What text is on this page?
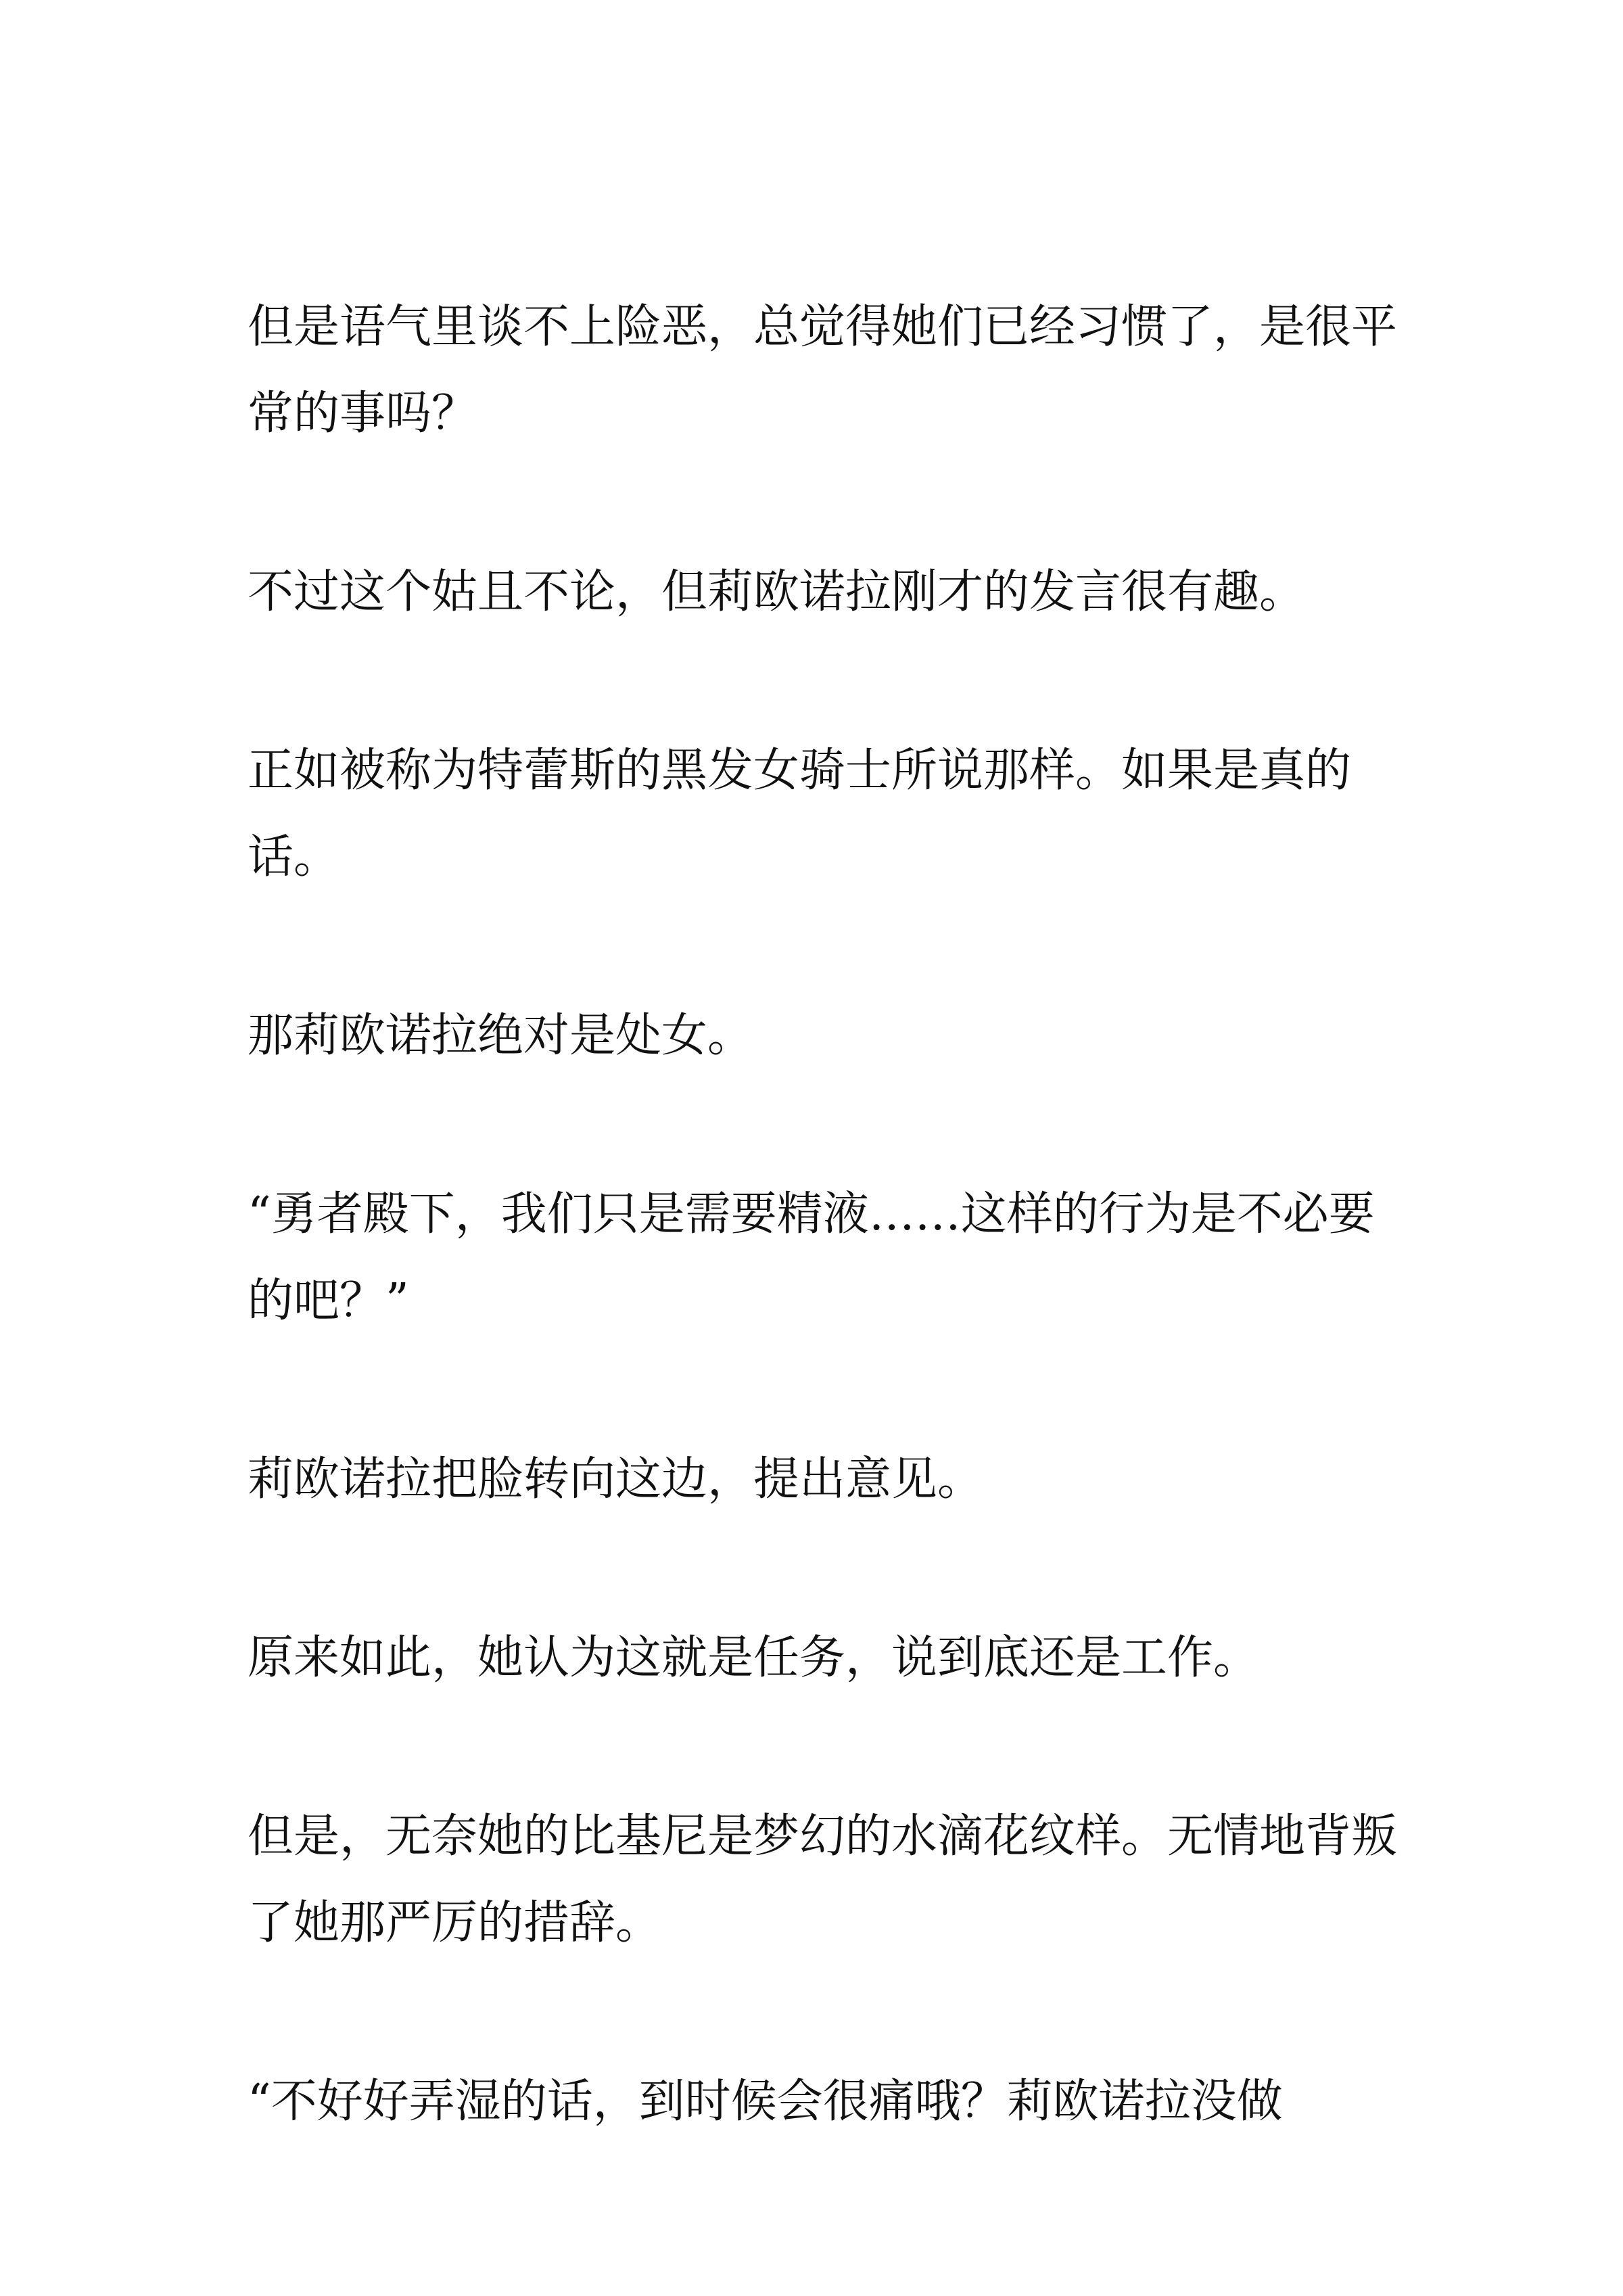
但是语气里谈不上险恶，总觉得她们已经习惯了，是很平常的事吗？

不过这个姑且不论，但莉欧诺拉刚才的发言很有趣。

正如被称为特蕾斯的黑发女骑士所说那样。如果是真的话。

那莉欧诺拉绝对是处女。

“勇者殿下，我们只是需要精液……这样的行为是不必要的吧？”

莉欧诺拉把脸转向这边，提出意见。

原来如此，她认为这就是任务，说到底还是工作。

但是，无奈她的比基尼是梦幻的水滴花纹样。无情地背叛了她那严厉的措辞。

“不好好弄湿的话，到时候会很痛哦？莉欧诺拉没做
